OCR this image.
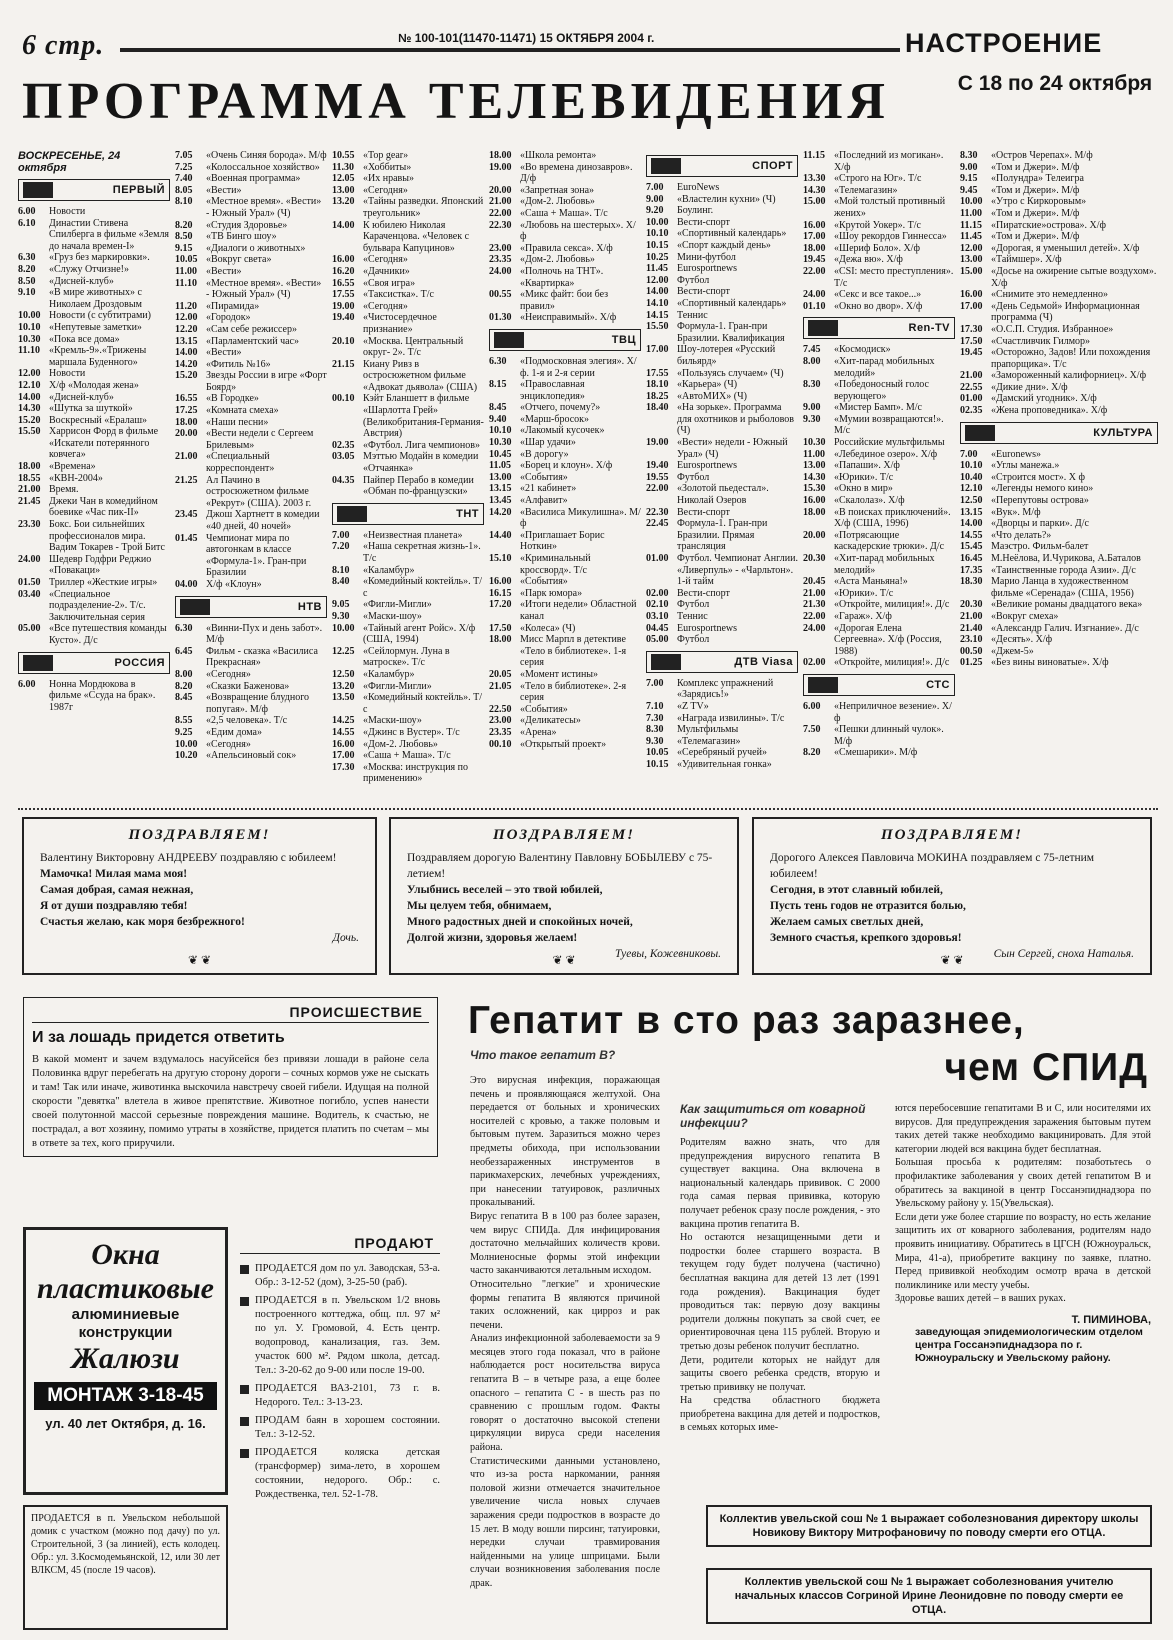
6 стр.	№ 100-101(11470-11471) 15 ОКТЯБРЯ 2004 г.	НАСТРОЕНИЕ
ПРОГРАММА ТЕЛЕВИДЕНИЯ	С 18 по 24 октября
ВОСКРЕСЕНЬЕ, 24 октября
ПЕРВЫЙ
6.00	Новости
6.10	Династии Стивена Спилберга в фильме «Земля до начала времен-I»
6.30	«Груз без маркировки».
8.20	«Служу Отчизне!»
8.50	«Дисней-клуб»
9.10	«В мире животных» с Николаем Дроздовым
10.00 Новости (с субтитрами)
10.10 «Непутевые заметки»
10.30 «Пока все дома»
11.10 «Кремль-9».«Трижены маршала Буденного»
12.00 Новости
12.10 Х/ф «Молодая жена»
14.00 «Дисней-клуб»
14.30 «Шутка за шуткой»
15.20 Воскресный «Ералаш»
15.50 Харрисон Форд в фильме «Искатели потерянного ковчега»
18.00 «Времена»
18.55 «КВН-2004»
21.00 Время.
21.45 Джеки Чан в комедийном боевике «Час пик-II»
23.30 Бокс. Бои сильнейших профессионалов мира. Вадим Токарев - Трой Битс
24.00 Шедевр Годфри Реджио «Повакаци»
01.50 Триллер «Жесткие игры»
03.40 «Специальное подразделение-2». Т/с. Заключительная серия
05.00 «Все путешествия команды Кусто». Д/с
РОССИЯ
6.00	Нонна Мордюкова в фильме «Ссуда на брак». 1987г
7.05	«Очень Синяя борода». М/ф
7.25	«Колоссальное хозяйство»
7.40	«Военная программа»
8.05	«Вести»
8.10	«Местное время». «Вести» - Южный Урал» (Ч)
8.20	«Студия Здоровье»
8.50	«ТВ Бинго шоу»
9.15	«Диалоги о животных»
10.05 «Вокруг света»
11.00 «Вести»
11.10 «Местное время». «Вести» - Южный Урал» (Ч)
11.20 «Пирамида»
12.00 «Городок»
12.20 «Сам себе режиссер»
13.15 «Парламентский час»
14.00 «Вести»
14.20 «Фитиль №16»
15.20 Звезды России в игре «Форт Боярд»
16.55 «В Городке»
17.25 «Комната смеха»
18.00 «Наши песни»
20.00 «Вести недели с Сергеем Брилевым»
21.00 «Специальный корреспондент»
21.25 Ал Пачино в остросюжетном фильме «Рекрут» (США). 2003 г.
23.45 Джош Хартнетт в комедии «40 дней, 40 ночей»
01.45 Чемпионат мира по автогонкам в классе «Формула-1». Гран-при Бразилии
04.00 Х/ф «Клоун»
НТВ
6.30	«Винни-Пух и день забот». М/ф
6.45	Фильм - сказка «Василиса Прекрасная»
8.00	«Сегодня»
8.20	«Сказки Баженова»
8.45	«Возвращение блудного попугая». М/ф
8.55	«2,5 человека». Т/с
9.25	«Едим дома»
10.00 «Сегодня»
10.20 «Апельсиновый сок»
10.55 «Top gear»
11.30 «Хоббиты»
12.05 «Их нравы»
13.00 «Сегодня»
13.20 «Тайны разведки. Японский треугольник»
14.00 К юбилею Николая Караченцова. «Человек с бульвара Капуцинов»
16.00 «Сегодня»
16.20 «Дачники»
16.55 «Своя игра»
17.55 «Таксистка». Т/с
19.00 «Сегодня»
19.40 «Чистосердечное признание»
20.10 «Москва. Центральный округ- 2». Т/с
21.15 Киану Ривз в остросюжетном фильме «Адвокат дьявола» (США)
00.10 Кэйт Бланшетт в фильме «Шарлотта Грей» (Великобритания-Германия-Австрия)
02.35 «Футбол. Лига чемпионов»
03.05 Мэттью Модайн в комедии «Отчаянка»
04.35 Пайпер Перабо в комедии «Обман по-французски»
ТНТ
7.00	«Неизвестная планета»
7.20	«Наша секретная жизнь-1». Т/с
8.10	«Каламбур»
8.40	«Комедийный коктейль». Т/с
9.05	«Фигли-Мигли»
9.30	«Маски-шоу»
10.00 «Тайный агент Ройс». Х/ф (США, 1994)
12.25 «Сейлормун. Луна в матроске». Т/с
12.50 «Каламбур»
13.20 «Фигли-Мигли»
13.50 «Комедийный коктейль». Т/с
14.25 «Маски-шоу»
14.55 «Джинс в Вустер». Т/с
16.00 «Дом-2. Любовь»
17.00 «Саша + Маша». Т/с
17.30 «Москва: инструкция по применению»
18.00 «Школа ремонта»
19.00 «Во времена динозавров». Д/ф
20.00 «Запретная зона»
21.00 «Дом-2. Любовь»
22.00 «Саша + Маша». Т/с
22.30 «Любовь на шестерых». Х/ф
23.00 «Правила секса». Х/ф
23.35 «Дом-2. Любовь»
24.00 «Полночь на ТНТ». «Квартирка»
00.55 «Микс файт: бои без правил»
01.30 «Неисправимый». Х/ф
ТВЦ
6.30	«Подмосковная элегия». Х/ф. 1-я и 2-я серии
8.15	«Православная энциклопедия»
8.45	«Отчего, почему?»
9.40	«Марш-бросок»
10.10 «Лакомый кусочек»
10.30 «Шар удачи»
10.45 «В дорогу»
11.05 «Борец и клоун». Х/ф
13.00 «События»
13.15 «21 кабинет»
13.45 «Алфавит»
14.20 «Василиса Микулишна». М/ф
14.40 «Приглашает Борис Ноткин»
15.10 «Криминальный кроссворд». Т/с
16.00 «События»
16.15 «Парк юмора»
17.20 «Итоги недели» Областной канал
17.50 «Колеса» (Ч)
18.00 Мисс Марпл в детективе «Тело в библиотеке». 1-я серия
20.05 «Момент истины»
21.05 «Тело в библиотеке». 2-я серия
22.50 «События»
23.00 «Деликатесы»
23.35 «Арена»
00.10 «Открытый проект»
СПОРТ
7.00	EuroNews
9.00	«Властелин кухни» (Ч)
9.20	Боулинг.
10.00 Вести-спорт
10.10 «Спортивный календарь»
10.15 «Спорт каждый день»
10.25 Мини-футбол
11.45 Eurosportnews
12.00 Футбол
14.00 Вести-спорт
14.10 «Спортивный календарь»
14.15 Теннис
15.50 Формула-1. Гран-при Бразилии. Квалификация
17.00 Шоу-лотерея «Русский бильярд»
17.55 «Пользуясь случаем» (Ч)
18.10 «Карьера» (Ч)
18.25 «АвтоМИХ» (Ч)
18.40 «На зорьке». Программа для охотников и рыболовов (Ч)
19.00 «Вести» недели - Южный Урал» (Ч)
19.40 Eurosportnews
19.55 Футбол
22.00 «Золотой пьедестал». Николай Озеров
22.30 Вести-спорт
22.45 Формула-1. Гран-при Бразилии. Прямая трансляция
01.00 Футбол. Чемпионат Англии. «Ливерпуль» - «Чарльтон». 1-й тайм
02.00 Вести-спорт
02.10 Футбол
03.10 Теннис
04.45 Eurosportnews
05.00 Футбол
ДТВ Viasa
7.00	Комплекс упражнений «Зарядись!»
7.10	«Z TV»
7.30	«Награда извилины». Т/с
8.30	Мультфильмы
9.30	«Телемагазин»
10.05 «Серебряный ручей»
10.15 «Удивительная гонка»
11.15 «Последний из могикан». Х/ф
13.30 «Строго на Юг». Т/с
14.30 «Телемагазин»
15.00 «Мой толстый противный жених»
16.00 «Крутой Уокер». Т/с
17.00 «Шоу рекордов Гиннесса»
18.00 «Шериф Боло». Х/ф
19.45 «Дежа вю». Х/ф
22.00 «CSI: место преступления». Т/с
24.00 «Секс и все такое...»
01.10 «Окно во двор». Х/ф
Ren-TV
7.45	«Космодиск»
8.00	«Хит-парад мобильных мелодий»
8.30	«Победоносный голос верующего»
9.00	«Мистер Бамп». М/с
9.30	«Мумии возвращаются!». М/с
10.30 Российские мультфильмы
11.00 «Лебединое озеро». Х/ф
13.00 «Папаши». Х/ф
14.30 «Юрики». Т/с
15.30 «Окно в мир»
16.00 «Скалолаз». Х/ф
18.00 «В поисках приключений». Х/ф (США, 1996)
20.00 «Потрясающие каскадерские трюки». Д/с
20.30 «Хит-парад мобильных мелодий»
20.45 «Аста Маньяна!»
21.00 «Юрики». Т/с
21.30 «Откройте, милиция!». Д/с
22.00 «Гараж». Х/ф
24.00 «Дорогая Елена Сергеевна». Х/ф (Россия, 1988)
02.00 «Откройте, милиция!». Д/с
СТС
6.00	«Неприличное везение». Х/ф
7.50	«Пешки длинный чулок». М/ф
8.20	«Смешарики». М/ф
8.30	«Остров Черепах». М/ф
9.00	«Том и Джери». М/ф
9.15	«Полундра» Телеигра
9.45	«Том и Джери». М/ф
10.00 «Утро с Киркоровым»
11.00 «Том и Джери». М/ф
11.15 «Пиратские»острова». Х/ф
11.45 «Том и Джери». М/ф
12.00 «Дорогая, я уменьшил детей». Х/ф
13.00 «Таймшер». Х/ф
15.00 «Досье на ожирение сытые воздухом». Х/ф
16.00 «Снимите это немедленно»
17.00 «День Седьмой» Информационная программа (Ч)
17.30 «О.С.П. Студия. Избранное»
17.50 «Счастливчик Гилмор»
19.45 «Осторожно, Задов! Или похождения прапорщика». Т/с
21.00 «Замороженный калифорниец». Х/ф
22.55 «Дикие дни». Х/ф
01.00 «Дамский угодник». Х/ф
02.35 «Жена проповедника». Х/ф
КУЛЬТУРА
7.00	«Euronews»
10.10 «Углы манежа.»
10.40 «Строится мост». Х ф
12.10 «Легенды немого кино»
12.50 «Перепутовы острова»
13.15 «Вук». М/ф
14.00 «Дворцы и парки». Д/с
14.55 «Что делать?»
15.45 Маэстро. Фильм-балет
16.45 М.Неёлова, И.Чурикова, А.Баталов
17.35 «Таинственные города Азии». Д/с
18.30 Марио Ланца в художественном фильме «Серенада» (США, 1956)
20.30 «Великие романы двадцатого века»
21.00 «Вокруг смеха»
21.40 «Александр Галич. Изгнание». Д/с
23.10 «Десять». Х/ф
00.50 «Джем-5»
01.25 «Без вины виноватые». Х/ф
ПОЗДРАВЛЯЕМ!
Валентину Викторовну АНДРЕЕВУ поздравляю с юбилеем!
Мамочка! Милая мама моя!
Самая добрая, самая нежная,
Я от души поздравляю тебя!
Счастья желаю, как моря безбрежного!
Дочь.
❦ ❦
ПОЗДРАВЛЯЕМ!
Поздравляем дорогую Валентину Павловну БОБЫЛЕВУ с 75-летием!
Улыбнись веселей – это твой юбилей,
Мы целуем тебя, обнимаем,
Много радостных дней и спокойных ночей,
Долгой жизни, здоровья желаем!
Туевы, Кожевниковы.
❦ ❦
ПОЗДРАВЛЯЕМ!
Дорогого Алексея Павловича МОКИНА поздравляем с 75-летним юбилеем!
Сегодня, в этот славный юбилей,
Пусть тень годов не отразится болью,
Желаем самых светлых дней,
Земного счастья, крепкого здоровья!
Сын Сергей, сноха Наталья.
❦ ❦
ПРОИСШЕСТВИЕ
И за лошадь придется ответить
В какой момент и зачем вздумалось насуйсейся без привязи лошади в районе села Половинка вдруг перебегать на другую сторону дороги – сочных кормов уже не сыскать и там! Так или иначе, животинка выскочила навстречу своей гибели. Идущая на полной скорости "девятка" влетела в живое препятствие. Животное погибло, успев нанести своей полутонной массой серьезные повреждения машине. Водитель, к счастью, не пострадал, а вот хозяину, помимо утраты в хозяйстве, придется платить по счетам – мы в ответе за тех, кого приручили.
Окна
пластиковые
алюминиевые
конструкции
Жалюзи
МОНТАЖ 3-18-45
ул. 40 лет Октября, д. 16.
ПРОДАЕТСЯ в п. Увельском небольшой домик с участком (можно под дачу) по ул. Строительной, 3 (за линией), есть колодец. Обр.: ул. З.Космодемьянской, 12, или 30 лет ВЛКСМ, 45 (после 19 часов).
ПРОДАЮТ
ПРОДАЕТСЯ дом по ул. Заводская, 53-а. Обр.: 3-12-52 (дом), 3-25-50 (раб).
ПРОДАЕТСЯ в п. Увельском 1/2 вновь построенного коттеджа, общ. пл. 97 м² по ул. У. Громовой, 4. Есть центр. водопровод, канализация, газ. Зем. участок 600 м². Рядом школа, детсад. Тел.: 3-20-62 до 9-00 или после 19-00.
ПРОДАЕТСЯ ВАЗ-2101, 73 г. в. Недорого. Тел.: 3-13-23.
ПРОДАМ баян в хорошем состоянии. Тел.: 3-12-52.
ПРОДАЕТСЯ коляска детская (трансформер) зима-лето, в хорошем состоянии, недорого. Обр.: с. Рождественка, тел. 52-1-78.
Гепатит в сто раз заразнее,
чем СПИД
Что такое гепатит В?
Это вирусная инфекция, поражающая печень и проявляющаяся желтухой. Она передается от больных и хронических носителей с кровью, а также половым и бытовым путем. Заразиться можно через предметы обихода, при использовании необеззараженных инструментов в парикмахерских, лечебных учреждениях, при нанесении татуировок, различных прокалываний.
Вирус гепатита В в 100 раз более заразен, чем вирус СПИДа. Для инфицирования достаточно мельчайших количеств крови. Молниеносные формы этой инфекции часто заканчиваются летальным исходом.
Относительно "легкие" и хронические формы гепатита В являются причиной таких осложнений, как цирроз и рак печени.
Анализ инфекционной заболеваемости за 9 месяцев этого года показал, что в районе наблюдается рост носительства вируса гепатита В – в четыре раза, а еще более опасного – гепатита С - в шесть раз по сравнению с прошлым годом. Факты говорят о достаточно высокой степени циркуляции вируса среди населения района.
Статистическими данными установлено, что из-за роста наркомании, ранняя половой жизни отмечается значительное увеличение числа новых случаев заражения среди подростков в возрасте до 15 лет. В моду вошли пирсинг, татуировки, нередки случаи травмирования найденными на улице шприцами. Были случаи возникновения заболевания после драк.
Как защититься от коварной инфекции?
Родителям важно знать, что для предупреждения вирусного гепатита В существует вакцина. Она включена в национальный календарь прививок. С 2000 года самая первая прививка, которую получает ребенок сразу после рождения, - это вакцина против гепатита В.
Но остаются незащищенными дети и подростки более старшего возраста. В текущем году будет получена (частично) бесплатная вакцина для детей 13 лет (1991 года рождения). Вакцинация будет проводиться так: первую дозу вакцины родители должны покупать за свой счет, ее ориентировочная цена 115 рублей. Вторую и третью дозы ребенок получит бесплатно.
Дети, родители которых не найдут для защиты своего ребенка средств, вторую и третью прививку не получат.
На средства областного бюджета приобретена вакцина для детей и подростков, в семьях которых име-
ются перебосевшие гепатитами В и С, или носителями их вирусов. Для предупреждения заражения бытовым путем таких детей также необходимо вакцинировать. Для этой категории людей вся вакцина будет бесплатная.
Большая просьба к родителям: позаботьтесь о профилактике заболевания у своих детей гепатитом В и обратитесь за вакциной в центр Госсанэпиднадзора по Увельскому району у. 15(Увельская).
Если дети уже более старшие по возрасту, но есть желание защитить их от коварного заболевания, родителям надо проявить инициативу. Обратитесь в ЦГСН (Южноуральск, Мира, 41-а), приобретите вакцину по заявке, платно. Перед прививкой необходим осмотр врача в детской поликлинике или месту учебы.
Здоровье ваших детей – в ваших руках.
Т. ПИМИНОВА,
заведующая эпидемиологическим отделом центра Госсанэпиднадзора по г. Южноуральску и Увельскому району.
Коллектив увельской сош № 1 выражает соболезнования директору школы Новикову Виктору Митрофановичу по поводу смерти его ОТЦА.
Коллектив увельской сош № 1 выражает соболезнования учителю начальных классов Согриной Ирине Леонидовне по поводу смерти ее ОТЦА.
